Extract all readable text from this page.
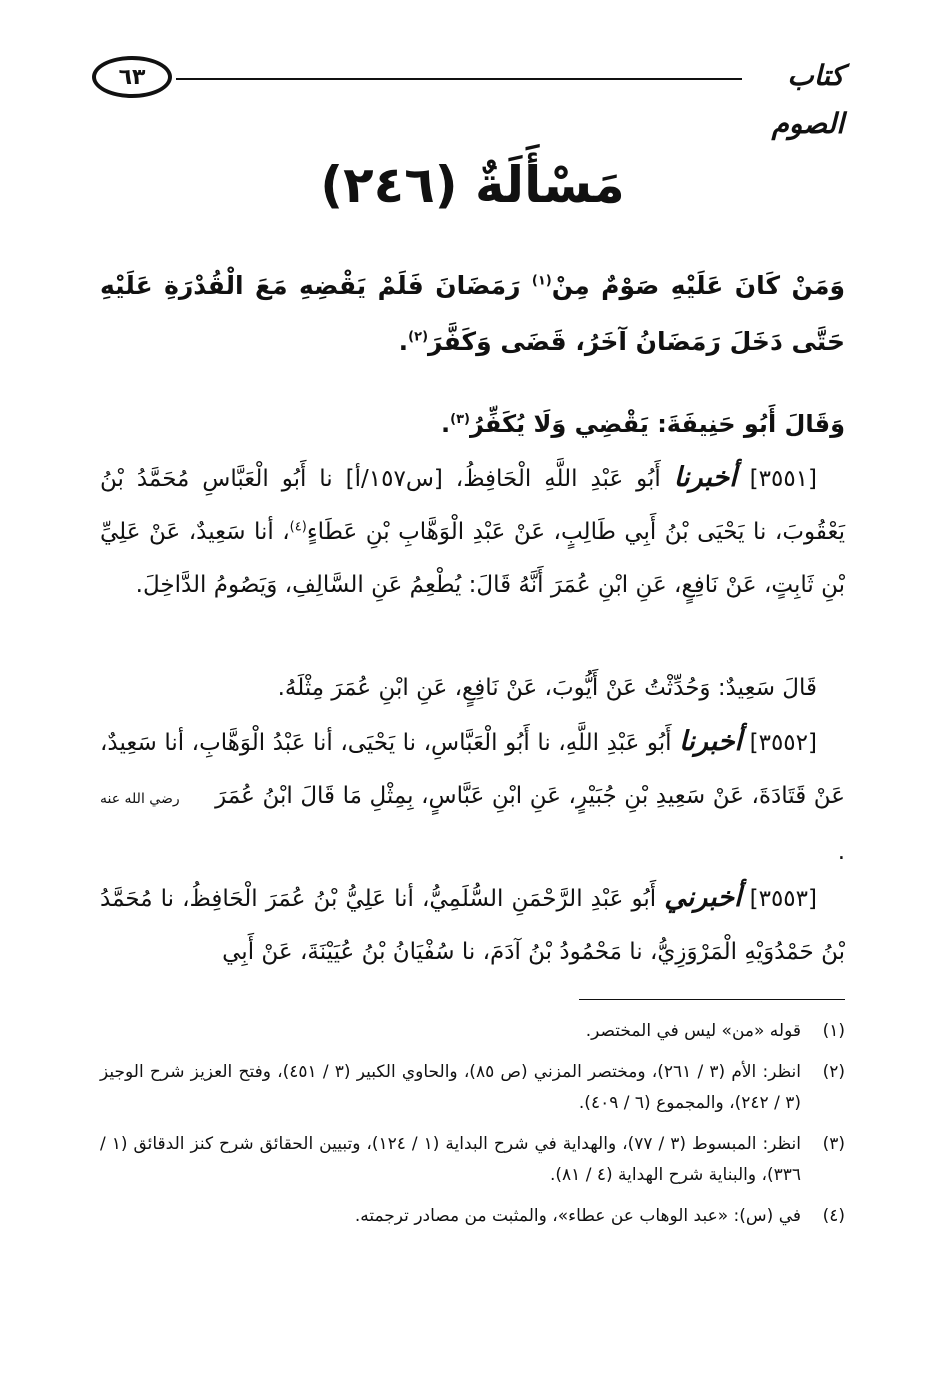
٦٣	كتاب الصوم
مَسْأَلَةٌ (٢٤٦)
وَمَنْ كَانَ عَلَيْهِ صَوْمٌ مِنْ$^{(١)}$ رَمَضَانَ فَلَمْ يَقْضِهِ مَعَ الْقُدْرَةِ عَلَيْهِ حَتَّى دَخَلَ رَمَضَانُ آخَرُ، قَضَى وَكَفَّرَ$^{(٢)}$.
وَقَالَ أَبُو حَنِيفَةَ: يَقْضِي وَلَا يُكَفِّرُ$^{(٣)}$.
[٣٥٥١] أخبرنا أَبُو عَبْدِ اللَّهِ الْحَافِظُ، [س١٥٧/أ] نا أَبُو الْعَبَّاسِ مُحَمَّدُ بْنُ يَعْقُوبَ، نا يَحْيَى بْنُ أَبِي طَالِبٍ، عَنْ عَبْدِ الْوَهَّابِ بْنِ عَطَاءٍ$^{(٤)}$، أنا سَعِيدٌ، عَنْ عَلِيِّ بْنِ ثَابِتٍ، عَنْ نَافِعٍ، عَنِ ابْنِ عُمَرَ أَنَّهُ قَالَ: يُطْعِمُ عَنِ السَّالِفِ، وَيَصُومُ الدَّاخِلَ.
قَالَ سَعِيدٌ: وَحُدِّثْتُ عَنْ أَيُّوبَ، عَنْ نَافِعٍ، عَنِ ابْنِ عُمَرَ مِثْلَهُ.
[٣٥٥٢] أخبرنا أَبُو عَبْدِ اللَّهِ، نا أَبُو الْعَبَّاسِ، نا يَحْيَى، أنا عَبْدُ الْوَهَّابِ، أنا سَعِيدٌ، عَنْ قَتَادَةَ، عَنْ سَعِيدِ بْنِ جُبَيْرٍ، عَنِ ابْنِ عَبَّاسٍ، بِمِثْلِ مَا قَالَ ابْنُ عُمَرَ رضي الله عنه.
[٣٥٥٣] أخبرني أَبُو عَبْدِ الرَّحْمَنِ السُّلَمِيُّ، أنا عَلِيُّ بْنُ عُمَرَ الْحَافِظُ، نا مُحَمَّدُ بْنُ حَمْدُوَيْهِ الْمَرْوَزِيُّ، نا مَحْمُودُ بْنُ آدَمَ، نا سُفْيَانُ بْنُ عُيَيْنَةَ، عَنْ أَبِي
(١)
قوله «من» ليس في المختصر.
(٢)
انظر: الأم (٣ / ٢٦١)، ومختصر المزني (ص ٨٥)، والحاوي الكبير (٣ / ٤٥١)، وفتح العزيز شرح الوجيز (٣ / ٢٤٢)، والمجموع (٦ / ٤٠٩).
(٣)
انظر: المبسوط (٣ / ٧٧)، والهداية في شرح البداية (١ / ١٢٤)، وتبيين الحقائق شرح كنز الدقائق (١ / ٣٣٦)، والبناية شرح الهداية (٤ / ٨١).
(٤)
في (س): «عبد الوهاب عن عطاء»، والمثبت من مصادر ترجمته.
